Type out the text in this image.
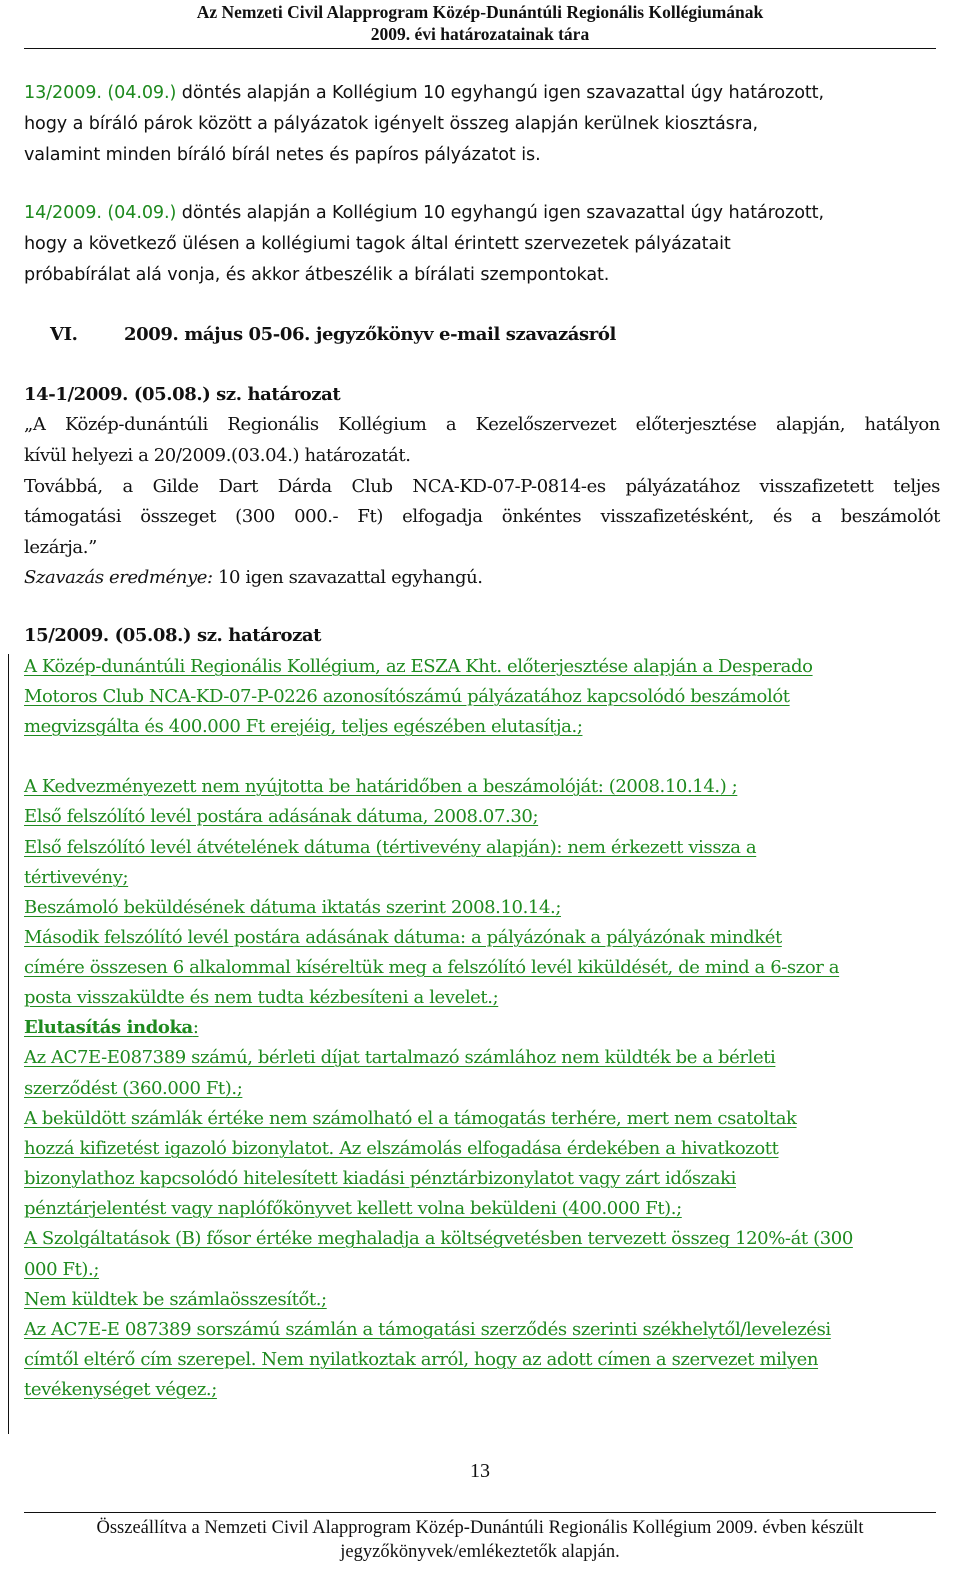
Az Nemzeti Civil Alapprogram Közép-Dunántúli Regionális Kollégiumának
2009. évi határozatainak tára
13/2009. (04.09.) döntés alapján a Kollégium 10 egyhangú igen szavazattal úgy határozott,
hogy a bíráló párok között a pályázatok igényelt összeg alapján kerülnek kiosztásra,
valamint minden bíráló bírál netes és papíros pályázatot is.
14/2009. (04.09.) döntés alapján a Kollégium 10 egyhangú igen szavazattal úgy határozott,
hogy a következő ülésen a kollégiumi tagok által érintett szervezetek pályázatait
próbabírálat alá vonja, és akkor átbeszélik a bírálati szempontokat.
VI.	2009. május 05-06. jegyzőkönyv e-mail szavazásról
14-1/2009. (05.08.) sz. határozat
„A Közép-dunántúli Regionális Kollégium a Kezelőszervezet előterjesztése alapján, hatályon
kívül helyezi a 20/2009.(03.04.) határozatát.
Továbbá, a Gilde Dart Dárda Club NCA-KD-07-P-0814-es pályázatához visszafizetett teljes
támogatási összeget (300 000.- Ft) elfogadja önkéntes visszafizetésként, és a beszámolót
lezárja.”
Szavazás eredménye: 10 igen szavazattal egyhangú.
15/2009. (05.08.) sz. határozat
A Közép-dunántúli Regionális Kollégium, az ESZA Kht. előterjesztése alapján a Desperado
Motoros Club NCA-KD-07-P-0226 azonosítószámú pályázatához kapcsolódó beszámolót
megvizsgálta és 400.000 Ft erejéig, teljes egészében elutasítja.;
A Kedvezményezett nem nyújtotta be határidőben a beszámolóját: (2008.10.14.) ;
Első felszólító levél postára adásának dátuma, 2008.07.30;
Első felszólító levél átvételének dátuma (tértivevény alapján): nem érkezett vissza a
tértivevény;
Beszámoló beküldésének dátuma iktatás szerint 2008.10.14.;
Második felszólító levél postára adásának dátuma: a pályázónak a pályázónak mindkét
címére összesen 6 alkalommal kíséreltük meg a felszólító levél kiküldését, de mind a 6-szor a
posta visszaküldte és nem tudta kézbesíteni a levelet.;
Elutasítás indoka:
Az AC7E-E087389 számú, bérleti díjat tartalmazó számlához nem küldték be a bérleti
szerződést (360.000 Ft).;
A beküldött számlák értéke nem számolható el a támogatás terhére, mert nem csatoltak
hozzá kifizetést igazoló bizonylatot. Az elszámolás elfogadása érdekében a hivatkozott
bizonylathoz kapcsolódó hitelesített kiadási pénztárbizonylatot vagy zárt időszaki
pénztárjelentést vagy naplófőkönyvet kellett volna beküldeni (400.000 Ft).;
A Szolgáltatások (B) fősor értéke meghaladja a költségvetésben tervezett összeg 120%-át (300
000 Ft).;
Nem küldtek be számlaösszesítőt.;
Az AC7E-E 087389 sorszámú számlán a támogatási szerződés szerinti székhelytől/levelezési
címtől eltérő cím szerepel. Nem nyilatkoztak arról, hogy az adott címen a szervezet milyen
tevékenységet végez.;
13
Összeállítva a Nemzeti Civil Alapprogram Közép-Dunántúli Regionális Kollégium 2009. évben készült
jegyzőkönyvek/emlékeztetők alapján.
